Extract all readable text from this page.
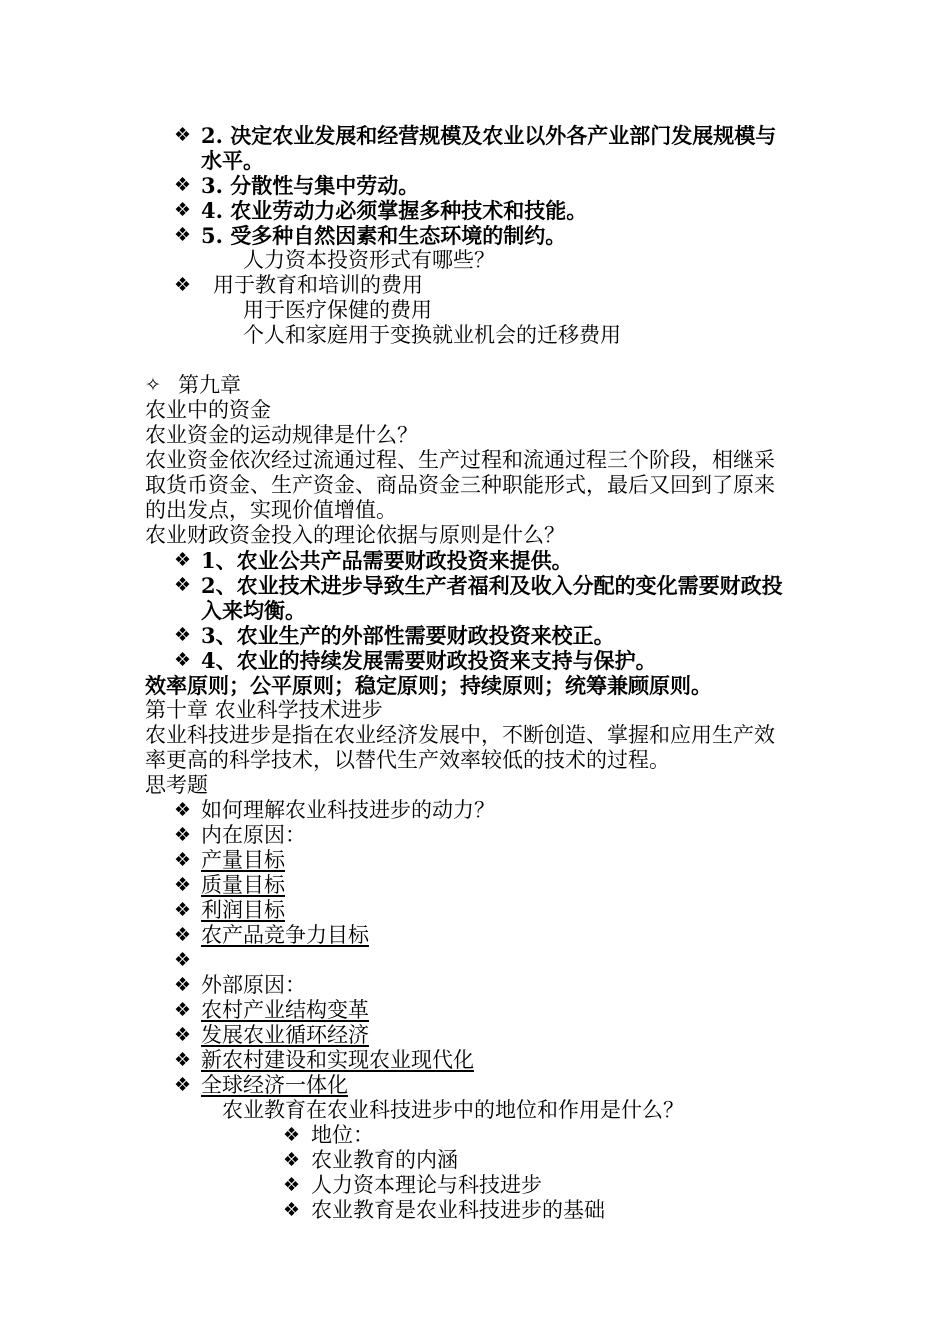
❖ 2. 决定农业发展和经营规模及农业以外各产业部门发展规模与
水平。
❖ 3. 分散性与集中劳动。
❖ 4. 农业劳动力必须掌握多种技术和技能。
❖ 5. 受多种自然因素和生态环境的制约。
人力资本投资形式有哪些？
❖ 用于教育和培训的费用
用于医疗保健的费用
个人和家庭用于变换就业机会的迁移费用
✧ 第九章
农业中的资金
农业资金的运动规律是什么？
农业资金依次经过流通过程、生产过程和流通过程三个阶段，相继采
取货币资金、生产资金、商品资金三种职能形式，最后又回到了原来
的出发点，实现价值增值。
农业财政资金投入的理论依据与原则是什么？
❖ 1、农业公共产品需要财政投资来提供。
❖ 2、农业技术进步导致生产者福利及收入分配的变化需要财政投
入来均衡。
❖ 3、农业生产的外部性需要财政投资来校正。
❖ 4、农业的持续发展需要财政投资来支持与保护。
效率原则；公平原则；稳定原则；持续原则；统筹兼顾原则。
第十章 农业科学技术进步
农业科技进步是指在农业经济发展中，不断创造、掌握和应用生产效
率更高的科学技术，以替代生产效率较低的技术的过程。
思考题
❖ 如何理解农业科技进步的动力？
❖ 内在原因：
❖ 产量目标
❖ 质量目标
❖ 利润目标
❖ 农产品竞争力目标
❖
❖ 外部原因：
❖ 农村产业结构变革
❖ 发展农业循环经济
❖ 新农村建设和实现农业现代化
❖ 全球经济一体化
农业教育在农业科技进步中的地位和作用是什么？
❖ 地位：
❖ 农业教育的内涵
❖ 人力资本理论与科技进步
❖ 农业教育是农业科技进步的基础
